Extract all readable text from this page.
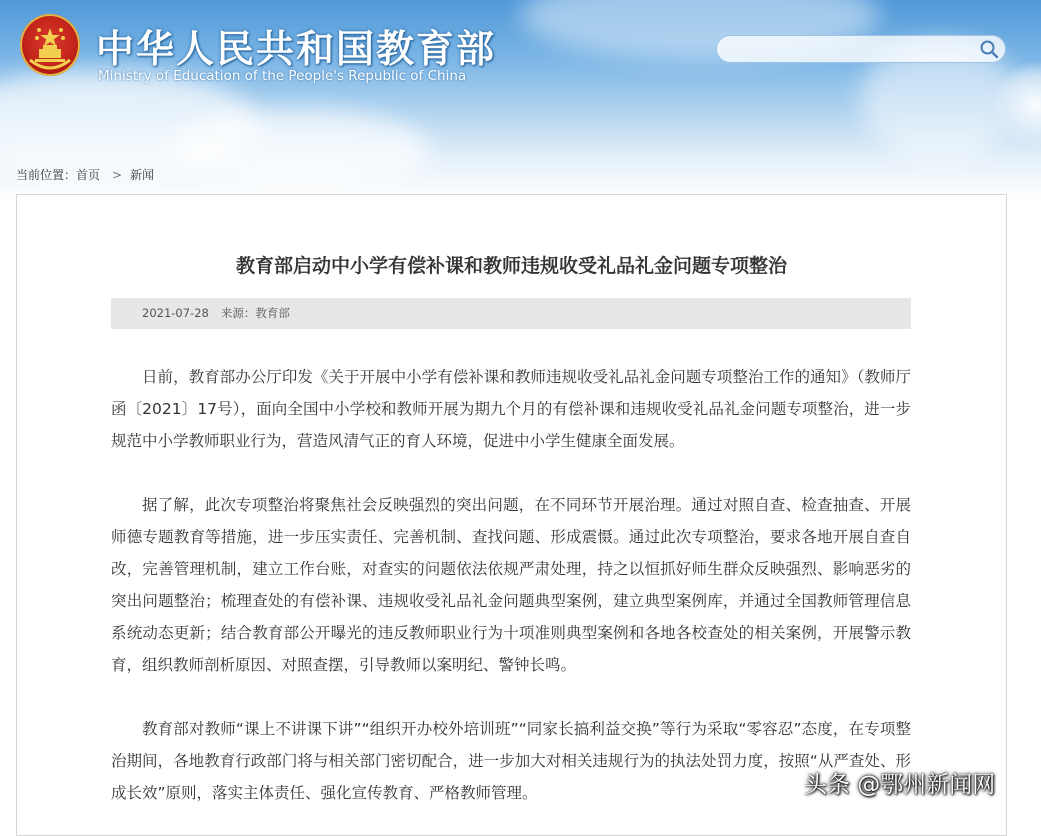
中华人民共和国教育部
Ministry of Education of the People's Republic of China
当前位置：首页 > 新闻
教育部启动中小学有偿补课和教师违规收受礼品礼金问题专项整治
2021-07-28 来源：教育部

日前，教育部办公厅印发《关于开展中小学有偿补课和教师违规收受礼品礼金问题专项整治工作的通知》（教师厅函〔2021〕17号），面向全国中小学校和教师开展为期九个月的有偿补课和违规收受礼品礼金问题专项整治，进一步规范中小学教师职业行为，营造风清气正的育人环境，促进中小学生健康全面发展。

据了解，此次专项整治将聚焦社会反映强烈的突出问题，在不同环节开展治理。通过对照自查、检查抽查、开展师德专题教育等措施，进一步压实责任、完善机制、查找问题、形成震慑。通过此次专项整治，要求各地开展自查自改，完善管理机制，建立工作台账，对查实的问题依法依规严肃处理，持之以恒抓好师生群众反映强烈、影响恶劣的突出问题整治；梳理查处的有偿补课、违规收受礼品礼金问题典型案例，建立典型案例库，并通过全国教师管理信息系统动态更新；结合教育部公开曝光的违反教师职业行为十项准则典型案例和各地各校查处的相关案例，开展警示教育，组织教师剖析原因、对照查摆，引导教师以案明纪、警钟长鸣。

教育部对教师“课上不讲课下讲”“组织开办校外培训班”“同家长搞利益交换”等行为采取“零容忍”态度，在专项整治期间，各地教育行政部门将与相关部门密切配合，进一步加大对相关违规行为的执法处罚力度，按照“从严查处、形成长效”原则，落实主体责任、强化宣传教育、严格教师管理。	头条 @鄂州新闻网
